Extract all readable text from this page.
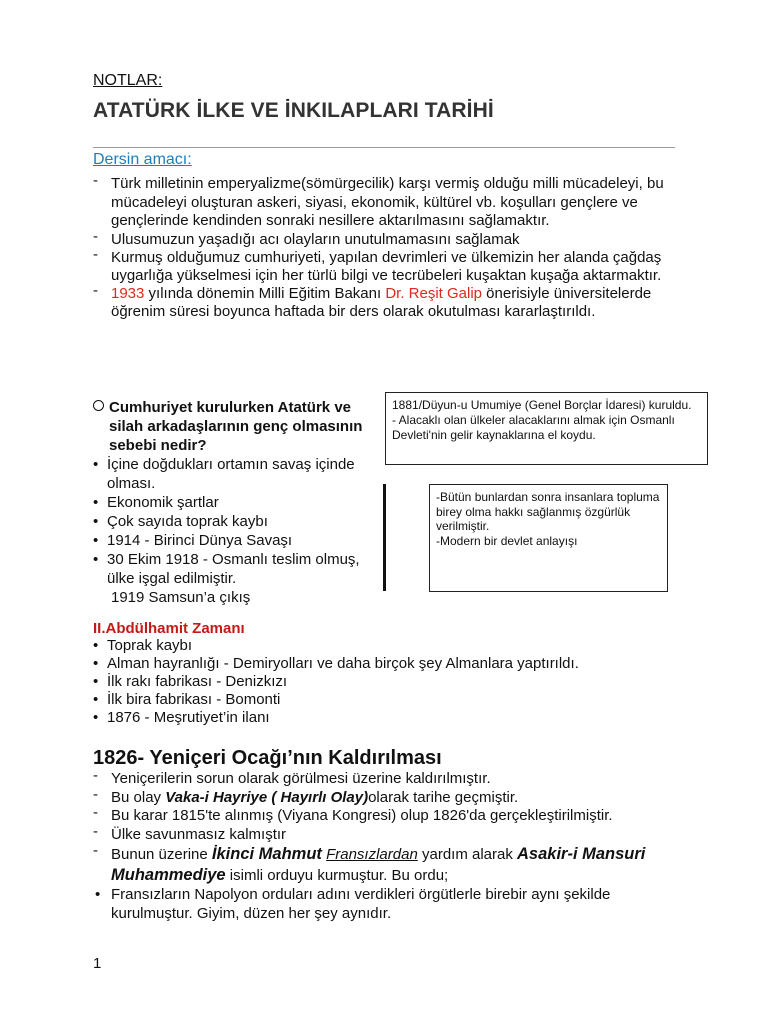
NOTLAR:
ATATÜRK İLKE VE İNKILAPLARI TARİHİ
Dersin amacı:
- Türk milletinin emperyalizme(sömürgecilik) karşı vermiş olduğu milli mücadeleyi, bu mücadeleyi oluşturan askeri, siyasi, ekonomik, kültürel vb. koşulları gençlere ve gençlerinde kendinden sonraki nesillere aktarılmasını sağlamaktır.
- Ulusumuzun yaşadığı acı olayların unutulmamasını sağlamak
- Kurmuş olduğumuz cumhuriyeti, yapılan devrimleri ve ülkemizin her alanda çağdaş uygarlığa yükselmesi için her türlü bilgi ve tecrübeleri kuşaktan kuşağa aktarmaktır.
- 1933 yılında dönemin Milli Eğitim Bakanı Dr. Reşit Galip önerisiyle üniversitelerde öğrenim süresi boyunca haftada bir ders olarak okutulması kararlaştırıldı.
Cumhuriyet kurulurken Atatürk ve silah arkadaşlarının genç olmasının sebebi nedir?
• İçine doğdukları ortamın savaş içinde olması.
• Ekonomik şartlar
• Çok sayıda toprak kaybı
• 1914 - Birinci Dünya Savaşı
• 30 Ekim 1918 - Osmanlı teslim olmuş, ülke işgal edilmiştir.
1919 Samsun’a çıkış
1881/Düyun-u Umumiye (Genel Borçlar İdaresi) kuruldu.
- Alacaklı olan ülkeler alacaklarını almak için Osmanlı Devleti'nin gelir kaynaklarına el koydu.
-Bütün bunlardan sonra insanlara topluma birey olma hakkı sağlanmış özgürlük verilmiştir.
-Modern bir devlet anlayışı
II.Abdülhamit Zamanı
• Toprak kaybı
• Alman hayranlığı - Demiryolları ve daha birçok şey Almanlara yaptırıldı.
• İlk rakı fabrikası - Denizkızı
• İlk bira fabrikası - Bomonti
• 1876 - Meşrutiyet’in ilanı
1826- Yeniçeri Ocağı’nın Kaldırılması
- Yeniçerilerin sorun olarak görülmesi üzerine kaldırılmıştır.
- Bu olay Vaka-i Hayriye ( Hayırlı Olay)olarak tarihe geçmiştir.
- Bu karar 1815'te alınmış (Viyana Kongresi) olup 1826'da gerçekleştirilmiştir.
- Ülke savunmasız kalmıştır
- Bunun üzerine İkinci Mahmut Fransızlardan yardım alarak Asakir-i Mansuri Muhammediye isimli orduyu kurmuştur. Bu ordu;
• Fransızların Napolyon orduları adını verdikleri örgütlerle birebir aynı şekilde kurulmuştur. Giyim, düzen her şey aynıdır.
1
